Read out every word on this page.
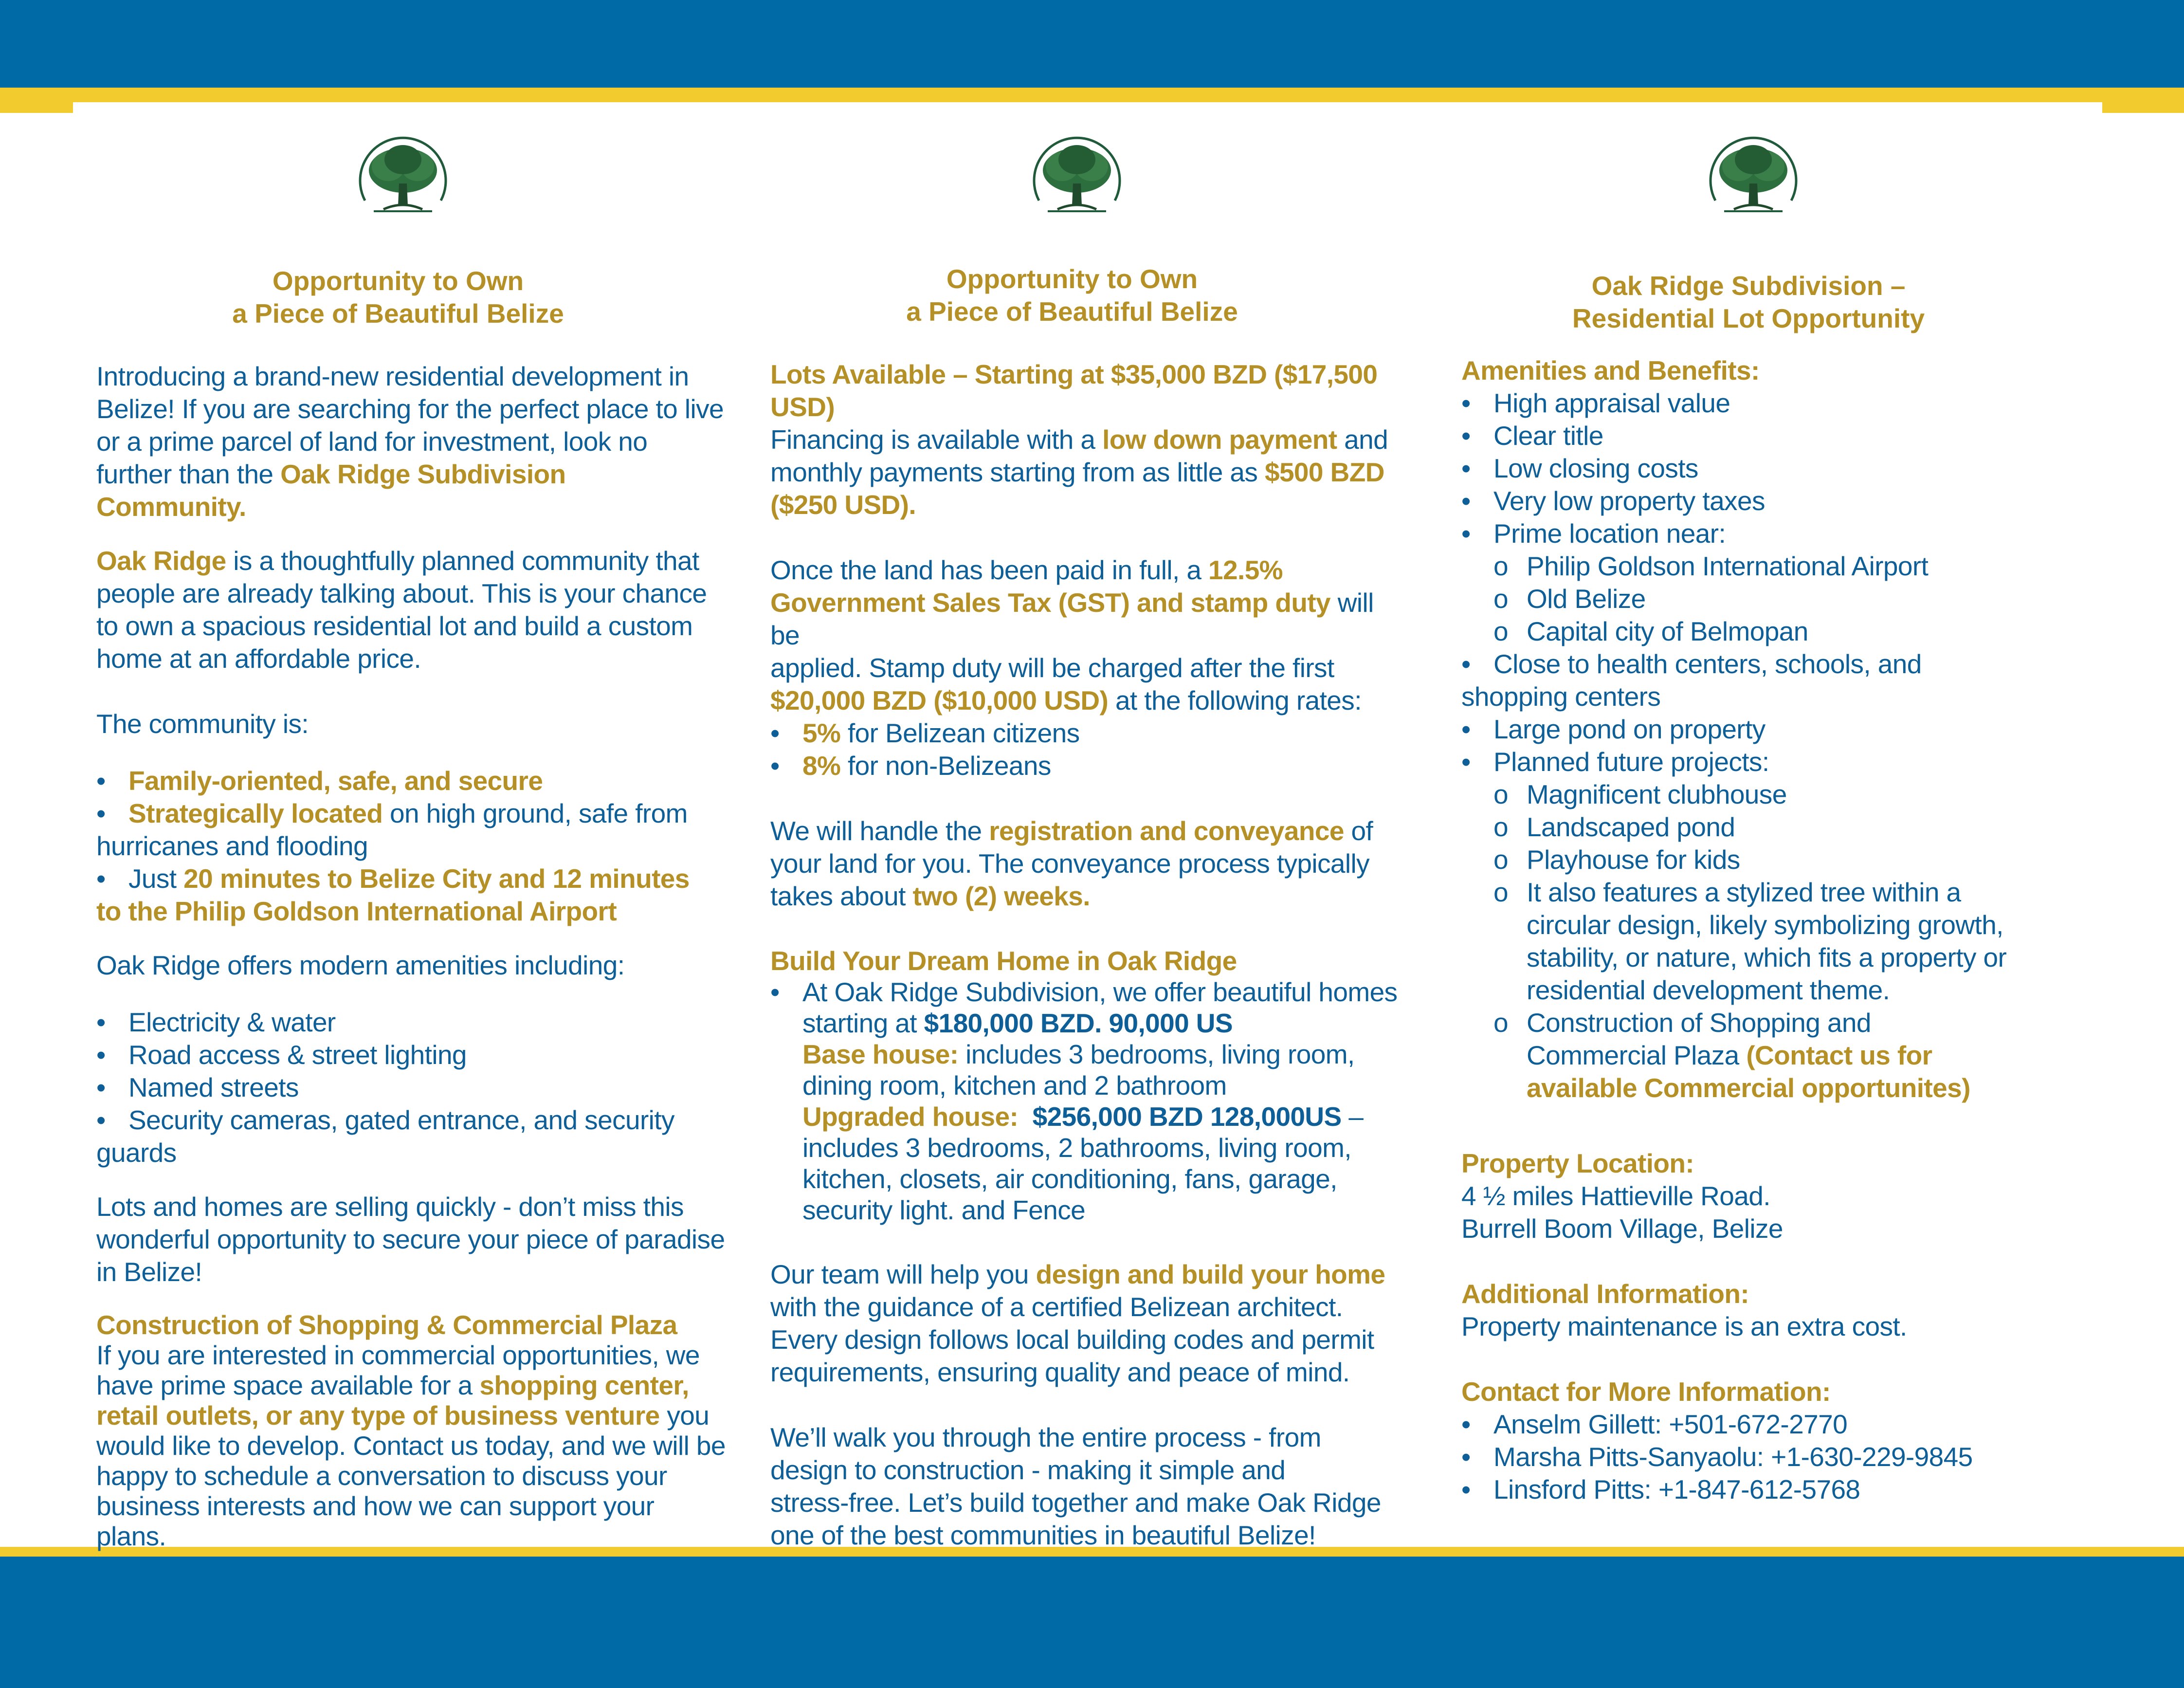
Opportunity to Own

a Piece of Beautiful Belize

Introducing a brand-new residential development in

Belize! If you are searching for the perfect place to live

or a prime parcel of land for investment, look no

further than the Oak Ridge Subdivision

Community.

Oak Ridge is a thoughtfully planned community that

people are already talking about. This is your chance

to own a spacious residential lot and build a custom

home at an affordable price.

The community is:

• Family-oriented, safe, and secure

• Strategically located on high ground, safe from

hurricanes and flooding

• Just 20 minutes to Belize City and 12 minutes

to the Philip Goldson International Airport

Oak Ridge offers modern amenities including:

• Electricity & water

• Road access & street lighting

• Named streets

• Security cameras, gated entrance, and security

guards

Lots and homes are selling quickly - don’t miss this

wonderful opportunity to secure your piece of paradise

in Belize!

Construction of Shopping & Commercial Plaza

If you are interested in commercial opportunities, we

have prime space available for a shopping center,

retail outlets, or any type of business venture you

would like to develop. Contact us today, and we will be

happy to schedule a conversation to discuss your

business interests and how we can support your plans.

Opportunity to Own

a Piece of Beautiful Belize

Lots Available – Starting at $35,000 BZD ($17,500

USD)

Financing is available with a low down payment and

monthly payments starting from as little as $500 BZD

($250 USD).

Once the land has been paid in full, a 12.5%

Government Sales Tax (GST) and stamp duty will be

applied. Stamp duty will be charged after the first

$20,000 BZD ($10,000 USD) at the following rates:

• 5% for Belizean citizens

• 8% for non-Belizeans

We will handle the registration and conveyance of

your land for you. The conveyance process typically

takes about two (2) weeks.

Build Your Dream Home in Oak Ridge

• At Oak Ridge Subdivision, we offer beautiful homes

starting at $180,000 BZD. 90,000 US

Base house: includes 3 bedrooms, living room,

dining room, kitchen and 2 bathroom

Upgraded house: $256,000 BZD 128,000US –

includes 3 bedrooms, 2 bathrooms, living room,

kitchen, closets, air conditioning, fans, garage,

security light. and Fence

Our team will help you design and build your home

with the guidance of a certified Belizean architect.

Every design follows local building codes and permit

requirements, ensuring quality and peace of mind.

We’ll walk you through the entire process - from

design to construction - making it simple and

stress-free. Let’s build together and make Oak Ridge

one of the best communities in beautiful Belize!

Oak Ridge Subdivision –

Residential Lot Opportunity

Amenities and Benefits:

• High appraisal value

• Clear title

• Low closing costs

• Very low property taxes

• Prime location near:

o Philip Goldson International Airport

o Old Belize

o Capital city of Belmopan

• Close to health centers, schools, and

shopping centers

• Large pond on property

• Planned future projects:

o Magnificent clubhouse

o Landscaped pond

o Playhouse for kids

o It also features a stylized tree within a

circular design, likely symbolizing growth,

stability, or nature, which fits a property or

residential development theme.

o Construction of Shopping and

Commercial Plaza (Contact us for

available Commercial opportunites)

Property Location:

4 ½ miles Hattieville Road.

Burrell Boom Village, Belize

Additional Information:

Property maintenance is an extra cost.

Contact for More Information:

• Anselm Gillett: +501-672-2770

• Marsha Pitts-Sanyaolu: +1-630-229-9845

• Linsford Pitts: +1-847-612-5768
